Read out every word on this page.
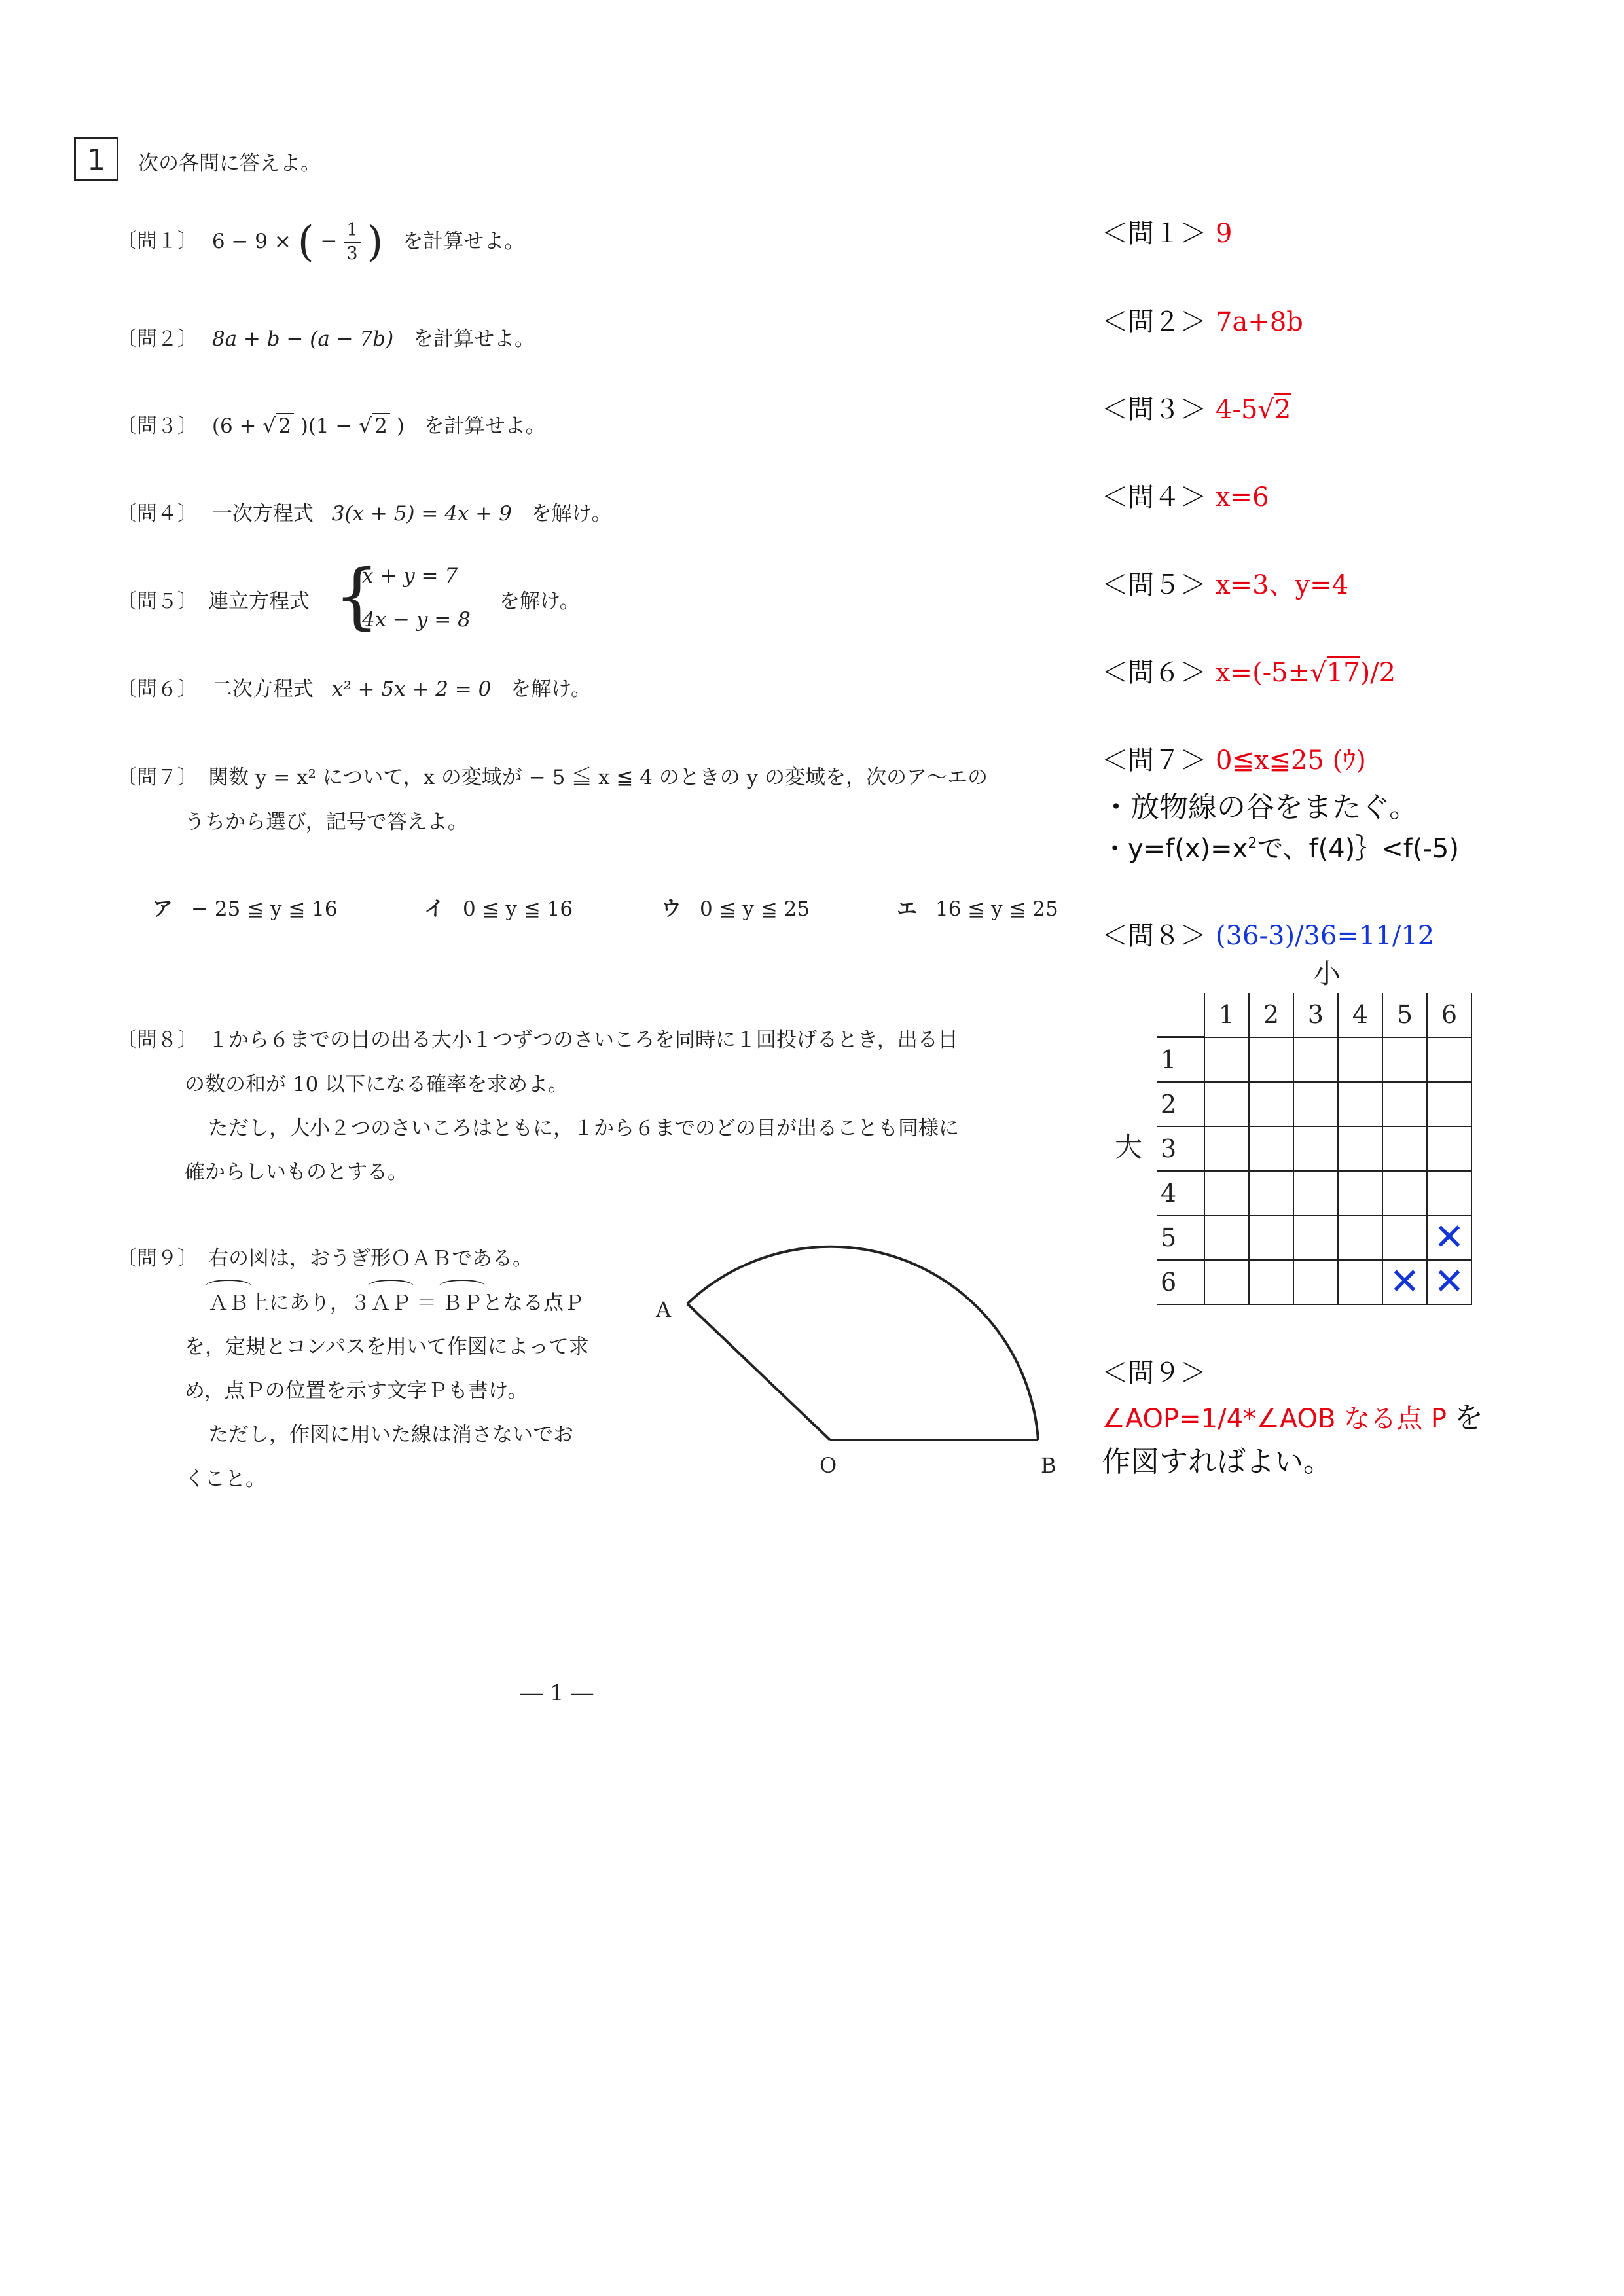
1	次の各問に答えよ。
〔問１〕 6 − 9 × ( − $\frac{1}{3}$ ) を計算せよ。
〔問２〕 8a + b − (a − 7b) を計算せよ。
〔問３〕 (6 + √ 2 )(1 − √ 2 ) を計算せよ。
〔問４〕 一次方程式 3(x + 5) = 4x + 9 を解け。
〔問５〕 連立方程式 {
x + y = 7
4x − y = 8
を解け。
〔問６〕 二次方程式 x² + 5x + 2 = 0 を解け。
〔問７〕 関数 y = x² について，x の変域が − 5 ≦ x ≦ 4 のときの y の変域を，次のア〜エの
うちから選び，記号で答えよ。
ア − 25 ≦ y ≦ 16	イ 0 ≦ y ≦ 16	ウ 0 ≦ y ≦ 25	エ 16 ≦ y ≦ 25
〔問８〕 １から６までの目の出る大小１つずつのさいころを同時に１回投げるとき，出る目
の数の和が 10 以下になる確率を求めよ。
ただし，大小２つのさいころはともに，１から６までのどの目が出ることも同様に
確からしいものとする。
〔問９〕 右の図は，おうぎ形ＯＡＢである。
ＡＢ上にあり，３ＡＰ ＝ ＢＰとなる点Ｐ
を，定規とコンパスを用いて作図によって求
め，点Ｐの位置を示す文字Ｐも書け。
ただし，作図に用いた線は消さないでお
くこと。
A
O	B
― 1 ―
＜問１＞ 9
＜問２＞ 7a+8b
＜問３＞ 4-5√2
＜問４＞ x=6
＜問５＞ x=3、y=4
＜問６＞ x=(-5±√17)/2
＜問７＞ 0≦x≦25 (ｳ)
・放物線の谷をまたぐ。
・$y=f(x)=x^2$で、f(4)｝<f(-5)
＜問８＞ (36-3)/36=11/12
小
大
	1	2	3	4	5	6
1						
2						
3						
4						
5						✕
6					✕	✕
＜問９＞
∠AOP=1/4*∠AOB なる点 P を
作図すればよい。
